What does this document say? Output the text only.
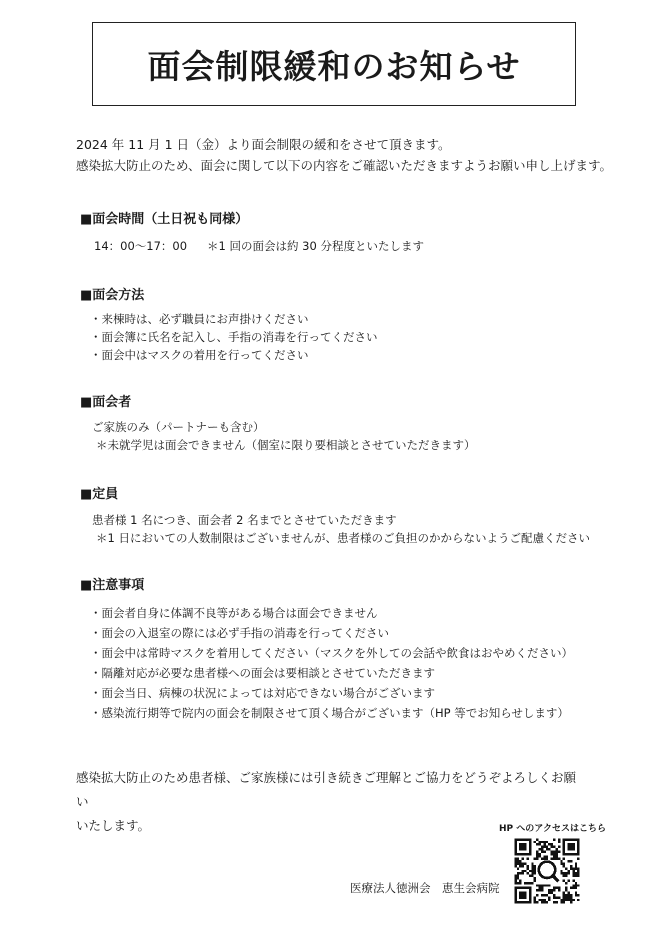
面会制限緩和のお知らせ

2024 年 11 月 1 日（金）より面会制限の緩和をさせて頂きます。

感染拡大防止のため、面会に関して以下の内容をご確認いただきますようお願い申し上げます。

■面会時間（土日祝も同様）
14：00～17：00 ＊1 回の面会は約 30 分程度といたします
■面会方法

・来棟時は、必ず職員にお声掛けください

・面会簿に氏名を記入し、手指の消毒を行ってください

・面会中はマスクの着用を行ってください

■面会者

ご家族のみ（パートナーも含む）

＊未就学児は面会できません（個室に限り要相談とさせていただきます）

■定員

患者様 1 名につき、面会者 2 名までとさせていただきます

＊1 日においての人数制限はございませんが、患者様のご負担のかからないようご配慮ください

■注意事項

・面会者自身に体調不良等がある場合は面会できません

・面会の入退室の際には必ず手指の消毒を行ってください

・面会中は常時マスクを着用してください（マスクを外しての会話や飲食はおやめください）

・隔離対応が必要な患者様への面会は要相談とさせていただきます

・面会当日、病棟の状況によっては対応できない場合がございます

・感染流行期等で院内の面会を制限させて頂く場合がございます（HP 等でお知らせします）

感染拡大防止のため患者様、ご家族様には引き続きご理解とご協力をどうぞよろしくお願い

いたします。	HP へのアクセスはこちら
医療法人徳洲会　恵生会病院
